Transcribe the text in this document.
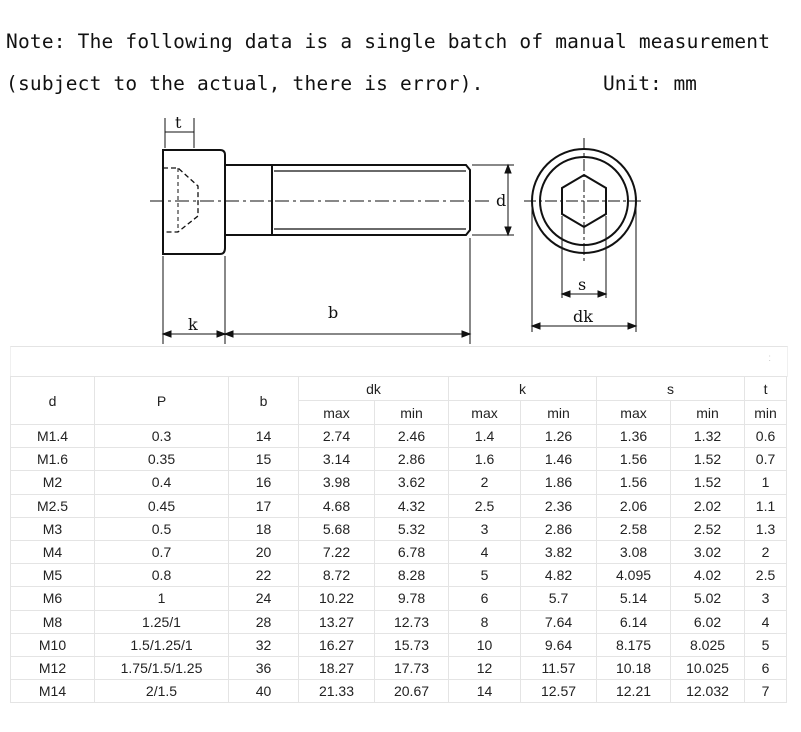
Note: The following data is a single batch of manual measurement
(subject to the actual, there is error).	Unit: mm
t
k
b
d
s
dk
:
d	P	b	dk		k		s		t
			max	min	max	min	max	min	min
M1.4	0.3	14	2.74	2.46	1.4	1.26	1.36	1.32	0.6
M1.6	0.35	15	3.14	2.86	1.6	1.46	1.56	1.52	0.7
M2	0.4	16	3.98	3.62	2	1.86	1.56	1.52	1
M2.5	0.45	17	4.68	4.32	2.5	2.36	2.06	2.02	1.1
M3	0.5	18	5.68	5.32	3	2.86	2.58	2.52	1.3
M4	0.7	20	7.22	6.78	4	3.82	3.08	3.02	2
M5	0.8	22	8.72	8.28	5	4.82	4.095	4.02	2.5
M6	1	24	10.22	9.78	6	5.7	5.14	5.02	3
M8	1.25/1	28	13.27	12.73	8	7.64	6.14	6.02	4
M10	1.5/1.25/1	32	16.27	15.73	10	9.64	8.175	8.025	5
M12	1.75/1.5/1.25	36	18.27	17.73	12	11.57	10.18	10.025	6
M14	2/1.5	40	21.33	20.67	14	12.57	12.21	12.032	7
